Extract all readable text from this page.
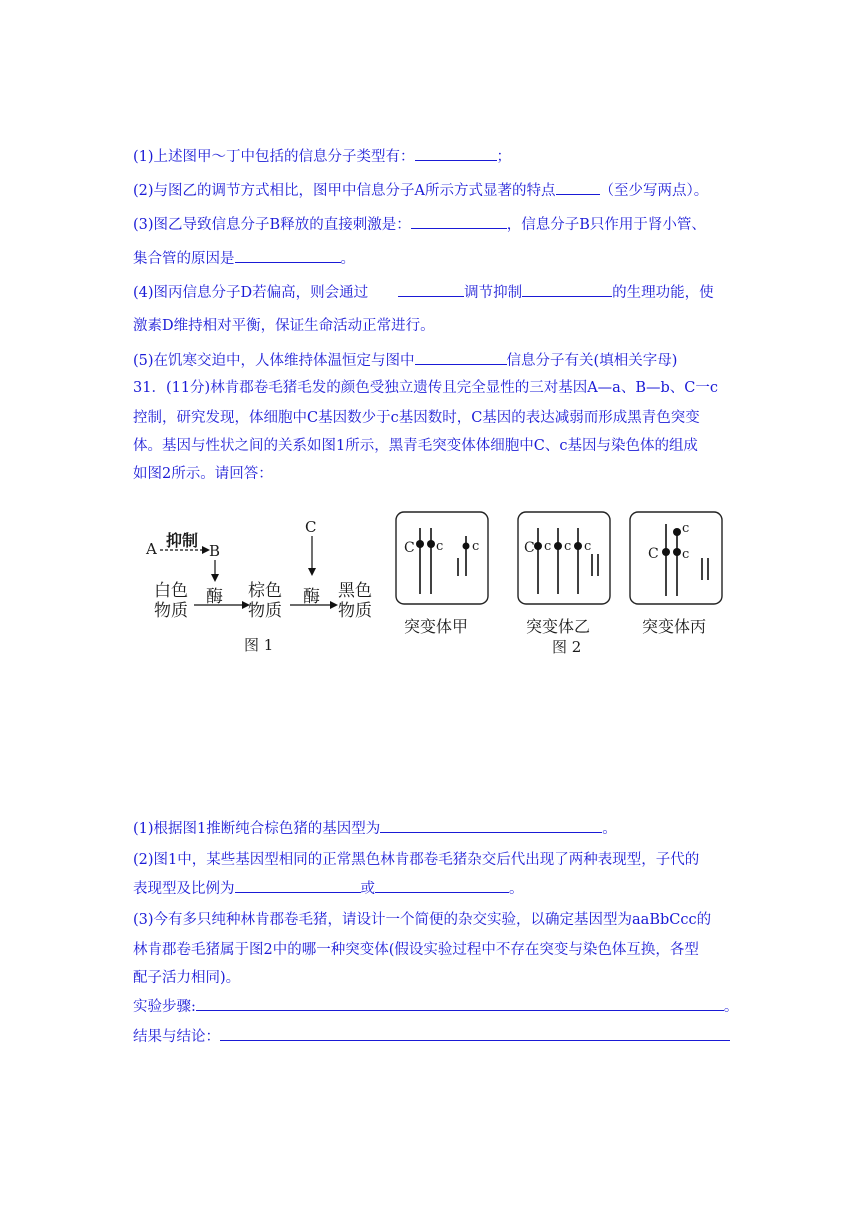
(1)上述图甲～丁中包括的信息分子类型有：	；
(2)与图乙的调节方式相比，图甲中信息分子A所示方式显著的特点	（至少写两点）。
(3)图乙导致信息分子B释放的直接刺激是：	，信息分子B只作用于肾小管、
集合管的原因是	。
(4)图丙信息分子D若偏高，则会通过	调节抑制	的生理功能，使
激素D维持相对平衡，保证生命活动正常进行。
(5)在饥寒交迫中，人体维持体温恒定与图中	信息分子有关(填相关字母)
31．(11分)林肯郡卷毛猪毛发的颜色受独立遗传且完全显性的三对基因A—a、B—b、C一c
控制，研究发现，体细胞中C基因数少于c基因数时，C基因的表达减弱而形成黑青色突变
体。基因与性状之间的关系如图1所示，黑青毛突变体体细胞中C、c基因与染色体的组成
如图2所示。请回答：
A 抑制
B
C
白色
物质
酶 棕色
物质
酶 黑色
物质
图 1
C c c
突变体甲
C c c c
突变体乙
图 2
c
C c
突变体丙
(1)根据图1推断纯合棕色猪的基因型为	。
(2)图1中，某些基因型相同的正常黑色林肯郡卷毛猪杂交后代出现了两种表现型，子代的
表现型及比例为	或	。
(3)今有多只纯种林肯郡卷毛猪，请设计一个简便的杂交实验，以确定基因型为aaBbCcc的
林肯郡卷毛猪属于图2中的哪一种突变体(假设实验过程中不存在突变与染色体互换，各型
配子活力相同)。
实验步骤:	。
结果与结论：
